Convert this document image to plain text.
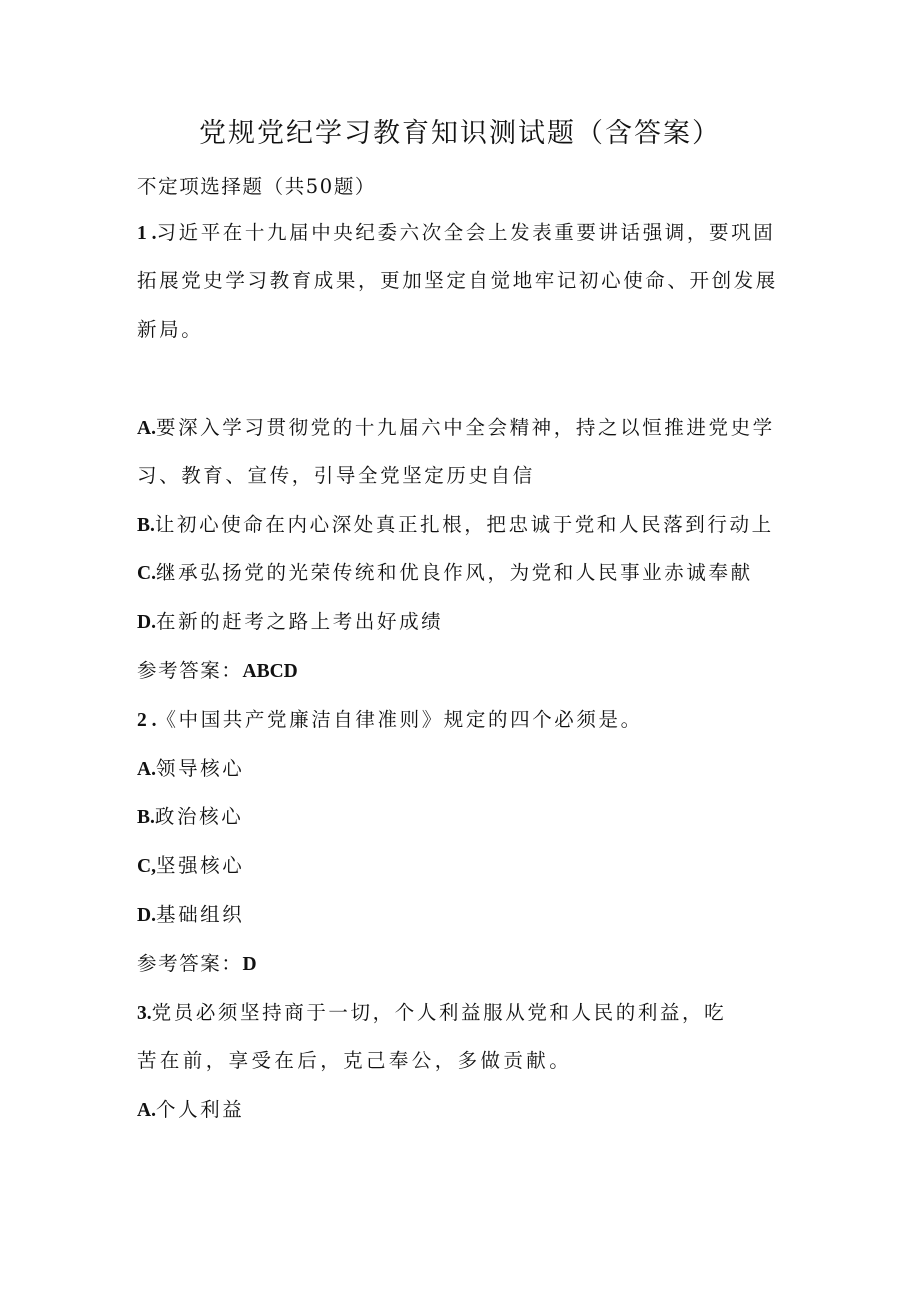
党规党纪学习教育知识测试题（含答案）
不定项选择题（共50题）
1 .习近平在十九届中央纪委六次全会上发表重要讲话强调，要巩固
拓展党史学习教育成果，更加坚定自觉地牢记初心使命、开创发展
新局。
A.要深入学习贯彻党的十九届六中全会精神，持之以恒推进党史学
习、教育、宣传，引导全党坚定历史自信
B.让初心使命在内心深处真正扎根，把忠诚于党和人民落到行动上
C.继承弘扬党的光荣传统和优良作风，为党和人民事业赤诚奉献
D.在新的赶考之路上考出好成绩
参考答案：ABCD
2 .《中国共产党廉洁自律准则》规定的四个必须是。
A.领导核心
B.政治核心
C,坚强核心
D.基础组织
参考答案：D
3.党员必须坚持商于一切，个人利益服从党和人民的利益，吃
苦在前，享受在后，克己奉公，多做贡献。
A.个人利益
